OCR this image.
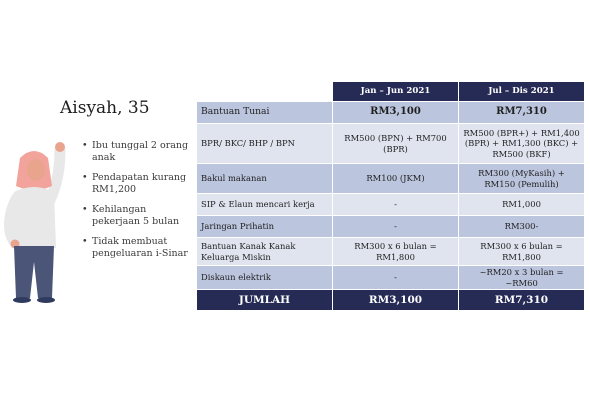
Aisyah, 35
• Ibu tunggal 2 orang anak
• Pendapatan kurang RM1,200
• Kehilangan pekerjaan 5 bulan
• Tidak membuat pengeluaran i-Sinar
	Jan – Jun 2021	Jul – Dis 2021
Bantuan Tunai	RM3,100	RM7,310
BPR/ BKC/ BHP / BPN	RM500 (BPN) + RM700 (BPR)	RM500 (BPR+) + RM1,400 (BPR) + RM1,300 (BKC) + RM500 (BKF)
Bakul makanan	RM100 (JKM)	RM300 (MyKasih) + RM150 (Pemulih)
SIP & Elaun mencari kerja	-	RM1,000
Jaringan Prihatin	-	RM300-
Bantuan Kanak Kanak Keluarga Miskin	RM300 x 6 bulan = RM1,800	RM300 x 6 bulan = RM1,800
Diskaun elektrik	-	~RM20 x 3 bulan = ~RM60
JUMLAH	RM3,100	RM7,310
